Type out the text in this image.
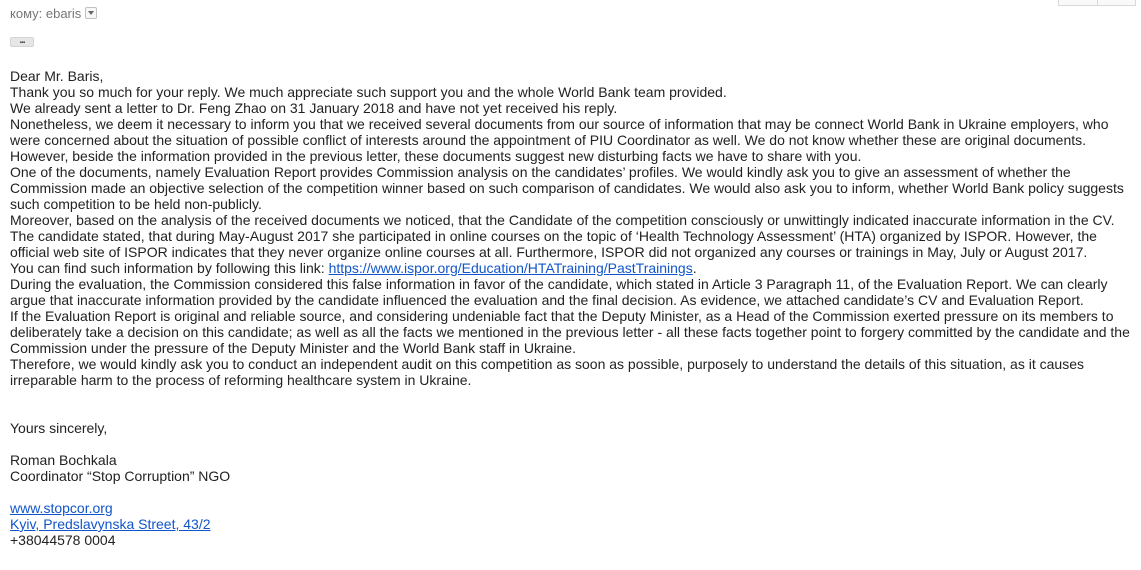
кому: ebaris
...

Dear Mr. Baris,

Thank you so much for your reply. We much appreciate such support you and the whole World Bank team provided.

We already sent a letter to Dr. Feng Zhao on 31 January 2018 and have not yet received his reply.

Nonetheless, we deem it necessary to inform you that we received several documents from our source of information that may be connect World Bank in Ukraine employers, who were concerned about the situation of possible conflict of interests around the appointment of PIU Coordinator as well. We do not know whether these are original documents. However, beside the information provided in the previous letter, these documents suggest new disturbing facts we have to share with you.

One of the documents, namely Evaluation Report provides Commission analysis on the candidates’ profiles. We would kindly ask you to give an assessment of whether the Commission made an objective selection of the competition winner based on such comparison of candidates. We would also ask you to inform, whether World Bank policy suggests such competition to be held non-publicly.

Moreover, based on the analysis of the received documents we noticed, that the Candidate of the competition consciously or unwittingly indicated inaccurate information in the CV. The candidate stated, that during May-August 2017 she participated in online courses on the topic of ‘Health Technology Assessment’ (HTA) organized by ISPOR. However, the official web site of ISPOR indicates that they never organize online courses at all. Furthermore, ISPOR did not organized any courses or trainings in May, July or August 2017.

You can find such information by following this link: https://www.ispor.org/Education/HTATraining/PastTrainings.

During the evaluation, the Commission considered this false information in favor of the candidate, which stated in Article 3 Paragraph 11, of the Evaluation Report. We can clearly argue that inaccurate information provided by the candidate influenced the evaluation and the final decision. As evidence, we attached candidate’s CV and Evaluation Report.

If the Evaluation Report is original and reliable source, and considering undeniable fact that the Deputy Minister, as a Head of the Commission exerted pressure on its members to deliberately take a decision on this candidate; as well as all the facts we mentioned in the previous letter - all these facts together point to forgery committed by the candidate and the Commission under the pressure of the Deputy Minister and the World Bank staff in Ukraine.

Therefore, we would kindly ask you to conduct an independent audit on this competition as soon as possible, purposely to understand the details of this situation, as it causes irreparable harm to the process of reforming healthcare system in Ukraine.

Yours sincerely,

Roman Bochkala

Coordinator “Stop Corruption” NGO

www.stopcor.org

Kyiv, Predslavynska Street, 43/2

+38044578 0004
